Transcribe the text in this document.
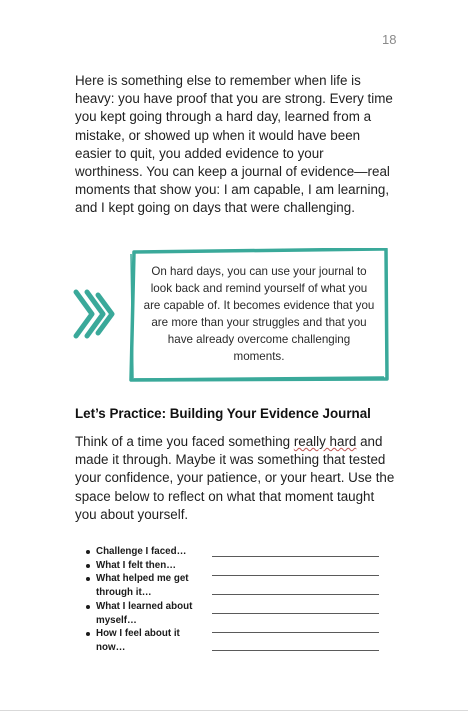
18

Here is something else to remember when life is heavy: you have proof that you are strong. Every time you kept going through a hard day, learned from a mistake, or showed up when it would have been easier to quit, you added evidence to your worthiness. You can keep a journal of evidence—real moments that show you: I am capable, I am learning, and I kept going on days that were challenging.

On hard days, you can use your journal to look back and remind yourself of what you are capable of. It becomes evidence that you are more than your struggles and that you have already overcome challenging moments.

Let’s Practice: Building Your Evidence Journal

Think of a time you faced something really hard and made it through. Maybe it was something that tested your confidence, your patience, or your heart. Use the space below to reflect on what that moment taught you about yourself.

Challenge I faced…
What I felt then…
What helped me get through it…
What I learned about myself…
How I feel about it now…
